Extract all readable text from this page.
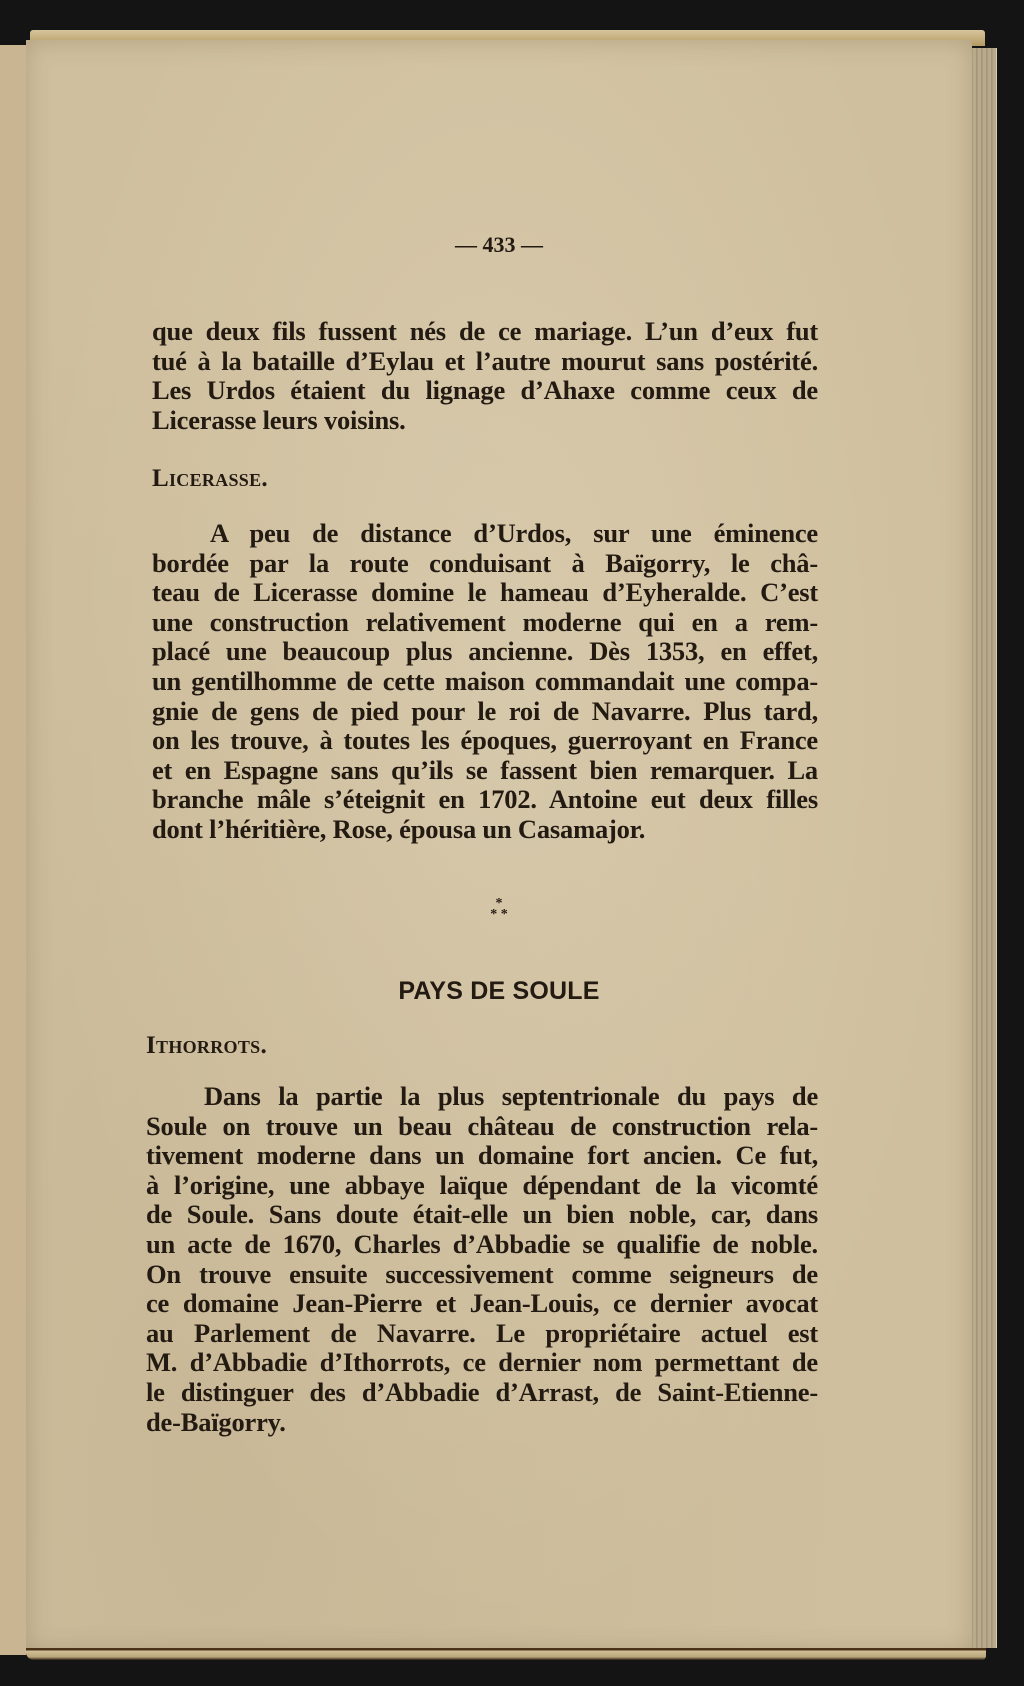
— 433 —
que deux fils fussent nés de ce mariage. L’un d’eux fut
tué à la bataille d’Eylau et l’autre mourut sans postérité.
Les Urdos étaient du lignage d’Ahaxe comme ceux de
Licerasse leurs voisins.
Licerasse.
A peu de distance d’Urdos, sur une éminence
bordée par la route conduisant à Baïgorry, le châ-
teau de Licerasse domine le hameau d’Eyheralde. C’est
une construction relativement moderne qui en a rem-
placé une beaucoup plus ancienne. Dès 1353, en effet,
un gentilhomme de cette maison commandait une compa-
gnie de gens de pied pour le roi de Navarre. Plus tard,
on les trouve, à toutes les époques, guerroyant en France
et en Espagne sans qu’ils se fassent bien remarquer. La
branche mâle s’éteignit en 1702. Antoine eut deux filles
dont l’héritière, Rose, épousa un Casamajor.
*
* *
PAYS DE SOULE
Ithorrots.
Dans la partie la plus septentrionale du pays de
Soule on trouve un beau château de construction rela-
tivement moderne dans un domaine fort ancien. Ce fut,
à l’origine, une abbaye laïque dépendant de la vicomté
de Soule. Sans doute était-elle un bien noble, car, dans
un acte de 1670, Charles d’Abbadie se qualifie de noble.
On trouve ensuite successivement comme seigneurs de
ce domaine Jean-Pierre et Jean-Louis, ce dernier avocat
au Parlement de Navarre. Le propriétaire actuel est
M. d’Abbadie d’Ithorrots, ce dernier nom permettant de
le distinguer des d’Abbadie d’Arrast, de Saint-Etienne-
de-Baïgorry.
